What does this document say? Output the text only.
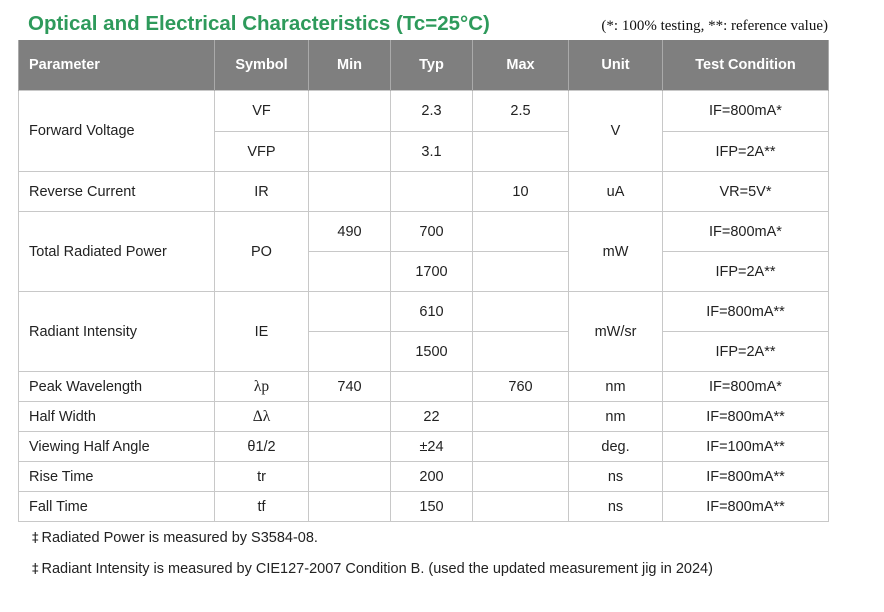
Optical and Electrical Characteristics (Tc=25°C)	(*: 100% testing, **: reference value)
Parameter	Symbol	Min	Typ	Max	Unit	Test Condition
Forward Voltage	VF		2.3	2.5	V	IF=800mA*
	VFP		3.1			IFP=2A**
Reverse Current	IR			10	uA	VR=5V*
Total Radiated Power	PO	490	700		mW	IF=800mA*
			1700			IFP=2A**
Radiant Intensity	IE		610		mW/sr	IF=800mA**
			1500			IFP=2A**
Peak Wavelength	λp	740		760	nm	IF=800mA*
Half Width	Δλ		22		nm	IF=800mA**
Viewing Half Angle	θ1/2		±24		deg.	IF=100mA**
Rise Time	tr		200		ns	IF=800mA**
Fall Time	tf		150		ns	IF=800mA**
‡ Radiated Power is measured by S3584-08.
‡ Radiant Intensity is measured by CIE127-2007 Condition B. (used the updated measurement jig in 2024)
